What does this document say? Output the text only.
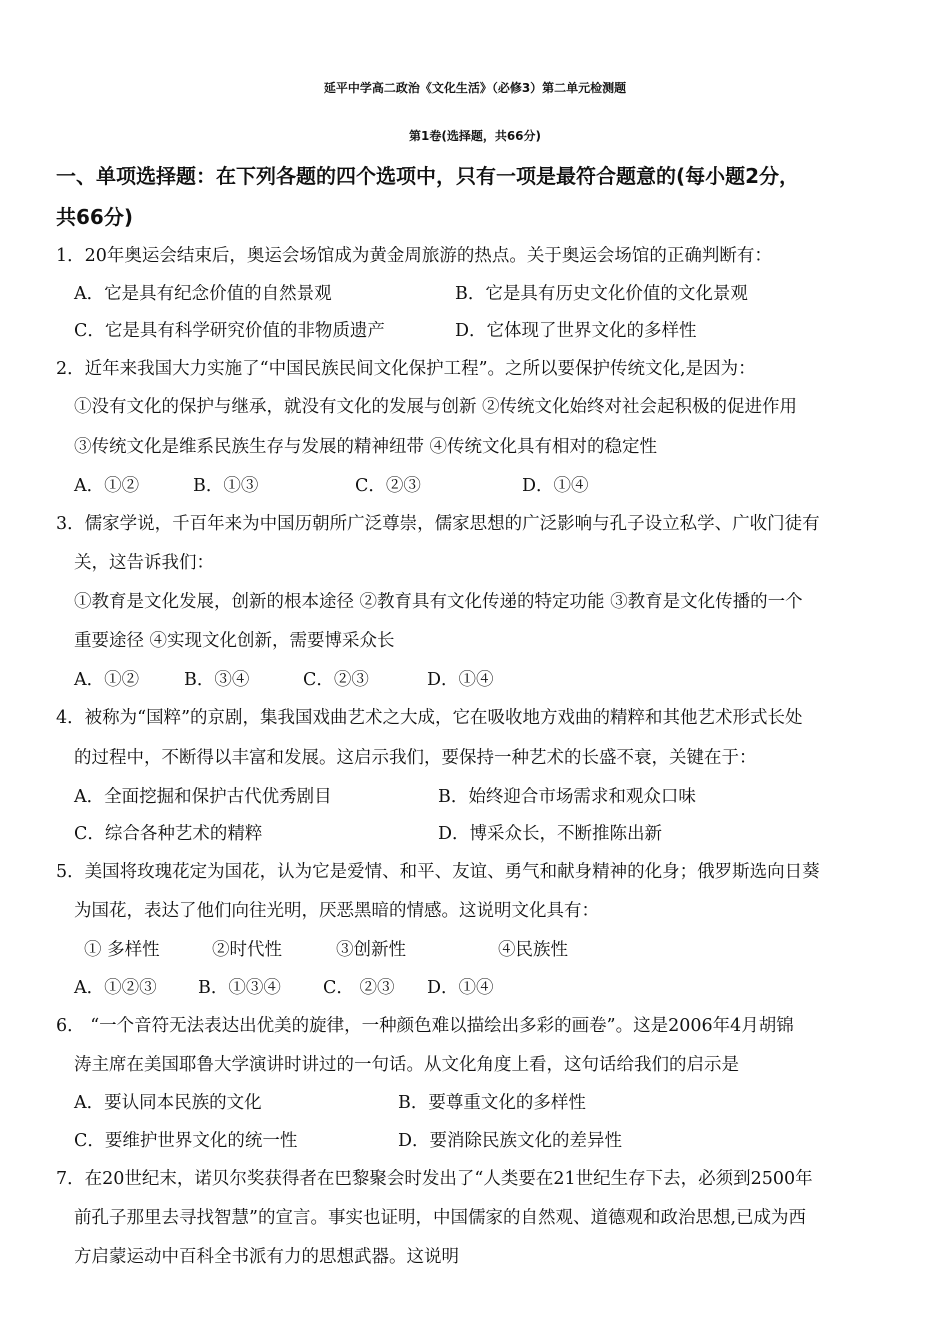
延平中学高二政治《文化生活》（必修3）第二单元检测题
第1卷(选择题，共66分)
一、单项选择题：在下列各题的四个选项中，只有一项是最符合题意的(每小题2分，
共66分)
1．20年奥运会结束后，奥运会场馆成为黄金周旅游的热点。关于奥运会场馆的正确判断有：
A．它是具有纪念价值的自然景观	B．它是具有历史文化价值的文化景观
C．它是具有科学研究价值的非物质遗产	D．它体现了世界文化的多样性
2．近年来我国大力实施了“中国民族民间文化保护工程”。之所以要保护传统文化,是因为：
①没有文化的保护与继承，就没有文化的发展与创新 ②传统文化始终对社会起积极的促进作用
③传统文化是维系民族生存与发展的精神纽带 ④传统文化具有相对的稳定性
A．①②	B．①③	C．②③	D．①④
3．儒家学说，千百年来为中国历朝所广泛尊崇，儒家思想的广泛影响与孔子设立私学、广收门徒有
关，这告诉我们：
①教育是文化发展，创新的根本途径 ②教育具有文化传递的特定功能 ③教育是文化传播的一个
重要途径 ④实现文化创新，需要博采众长
A．①②	B．③④	C．②③	D．①④
4．被称为“国粹”的京剧，集我国戏曲艺术之大成，它在吸收地方戏曲的精粹和其他艺术形式长处
的过程中，不断得以丰富和发展。这启示我们，要保持一种艺术的长盛不衰，关键在于：
A．全面挖掘和保护古代优秀剧目	B．始终迎合市场需求和观众口味
C．综合各种艺术的精粹	D．博采众长，不断推陈出新
5．美国将玫瑰花定为国花，认为它是爱情、和平、友谊、勇气和献身精神的化身；俄罗斯选向日葵
为国花，表达了他们向往光明，厌恶黑暗的情感。这说明文化具有：
① 多样性	②时代性	③创新性	④民族性
A．①②③ B．①③④ C． ②③ D．①④
6． “一个音符无法表达出优美的旋律，一种颜色难以描绘出多彩的画卷”。这是2006年4月胡锦
涛主席在美国耶鲁大学演讲时讲过的一句话。从文化角度上看，这句话给我们的启示是
A．要认同本民族的文化	B．要尊重文化的多样性
C．要维护世界文化的统一性	D．要消除民族文化的差异性
7．在20世纪末，诺贝尔奖获得者在巴黎聚会时发出了“人类要在21世纪生存下去，必须到2500年
前孔子那里去寻找智慧”的宣言。事实也证明，中国儒家的自然观、道德观和政治思想,已成为西
方启蒙运动中百科全书派有力的思想武器。这说明
